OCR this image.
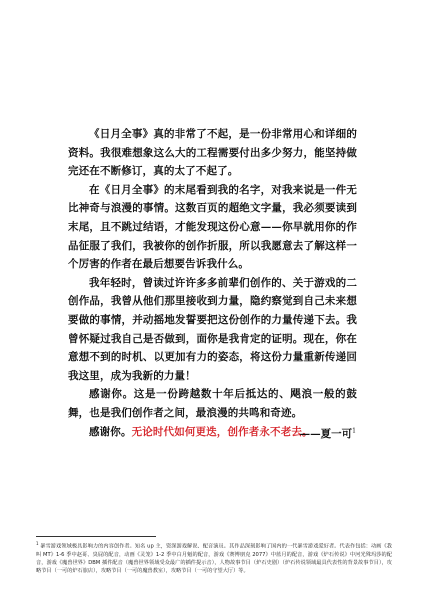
《日月全事》真的非常了不起，是一份非常用心和详细的资料。我很难想象这么大的工程需要付出多少努力，能坚持做完还在不断修订，真的太了不起了。

在《日月全事》的末尾看到我的名字，对我来说是一件无比神奇与浪漫的事情。这数百页的超绝文字量，我必须要读到末尾，且不跳过结语，才能发现这份心意——你早就用你的作品征服了我们，我被你的创作折服，所以我愿意去了解这样一个厉害的作者在最后想要告诉我什么。

我年轻时，曾读过许许多多前辈们创作的、关于游戏的二创作品，我曾从他们那里接收到力量，隐约察觉到自己未来想要做的事情，并动摇地发誓要把这份创作的力量传递下去。我曾怀疑过我自己是否做到，面你是我肯定的证明。现在，你在意想不到的时机、以更加有力的姿态，将这份力量重新传递回我这里，成为我新的力量！

感谢你。这是一份跨越数十年后抵达的、飓浪一般的鼓舞，也是我们创作者之间，最浪漫的共鸣和奇迹。

感谢你。无论时代如何更迭，创作者永不老去。

——夏一可$^1$
$^1$ 暴雪游戏领域极具影响力的内容创作者。知名 up 主，资深游戏解说、配音演员。其作品深刻影响了国内的一代暴雪游戏爱好者。代表作包括：动画《我叫 MT》1-6 季中赵哥、臭屁的配音，动画《灵笼》1-2 季中白月魁的配音，游戏《赛博朋克 2077》中蓝月的配音，游戏《炉石传说》中河光殊玛莎的配音，游戏《魔兽世界》DBM 插件配音（魔兽世界领域受众最广的插件提示音），人物故事节目（炉石史剧）（炉石传说领域最具代表性的背景故事节目），攻略节目（一可的炉石旅店），攻略节目（一可的魔兽教室），攻略节目（一可的守望大厅）等。
